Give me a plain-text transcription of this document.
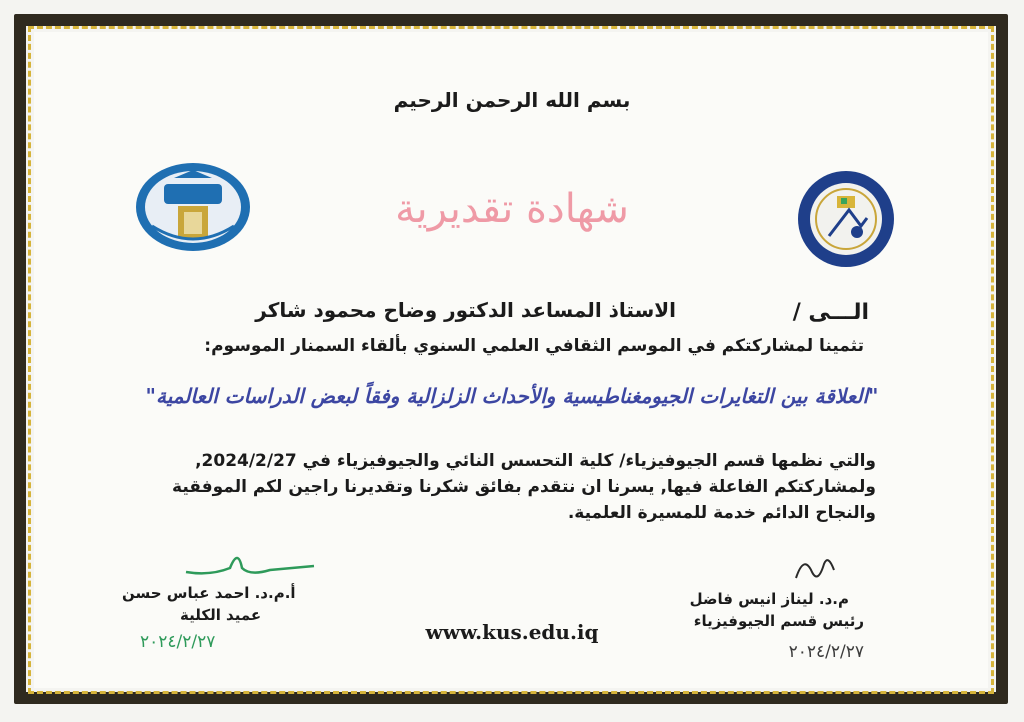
بسم الله الرحمن الرحيم
شهادة تقديرية
الـــى /
الاستاذ المساعد الدكتور وضاح محمود شاكر
تثمينا لمشاركتكم في الموسم الثقافي العلمي السنوي بألقاء السمنار الموسوم:
"العلاقة بين التغايرات الجيومغناطيسية والأحداث الزلزالية وفقاً لبعض الدراسات العالمية"
والتي نظمها قسم الجيوفيزياء/ كلية التحسس النائي والجيوفيزياء في 2024/2/27, ولمشاركتكم الفاعلة فيها, يسرنا ان نتقدم بفائق شكرنا وتقديرنا راجين لكم الموفقية والنجاح الدائم خدمة للمسيرة العلمية.
م.د. ليناز انيس فاضل
رئيس قسم الجيوفيزياء
٢٠٢٤/٢/٢٧
أ.م.د. احمد عباس حسن
عميد الكلية
٢٠٢٤/٢/٢٧	www.kus.edu.iq
